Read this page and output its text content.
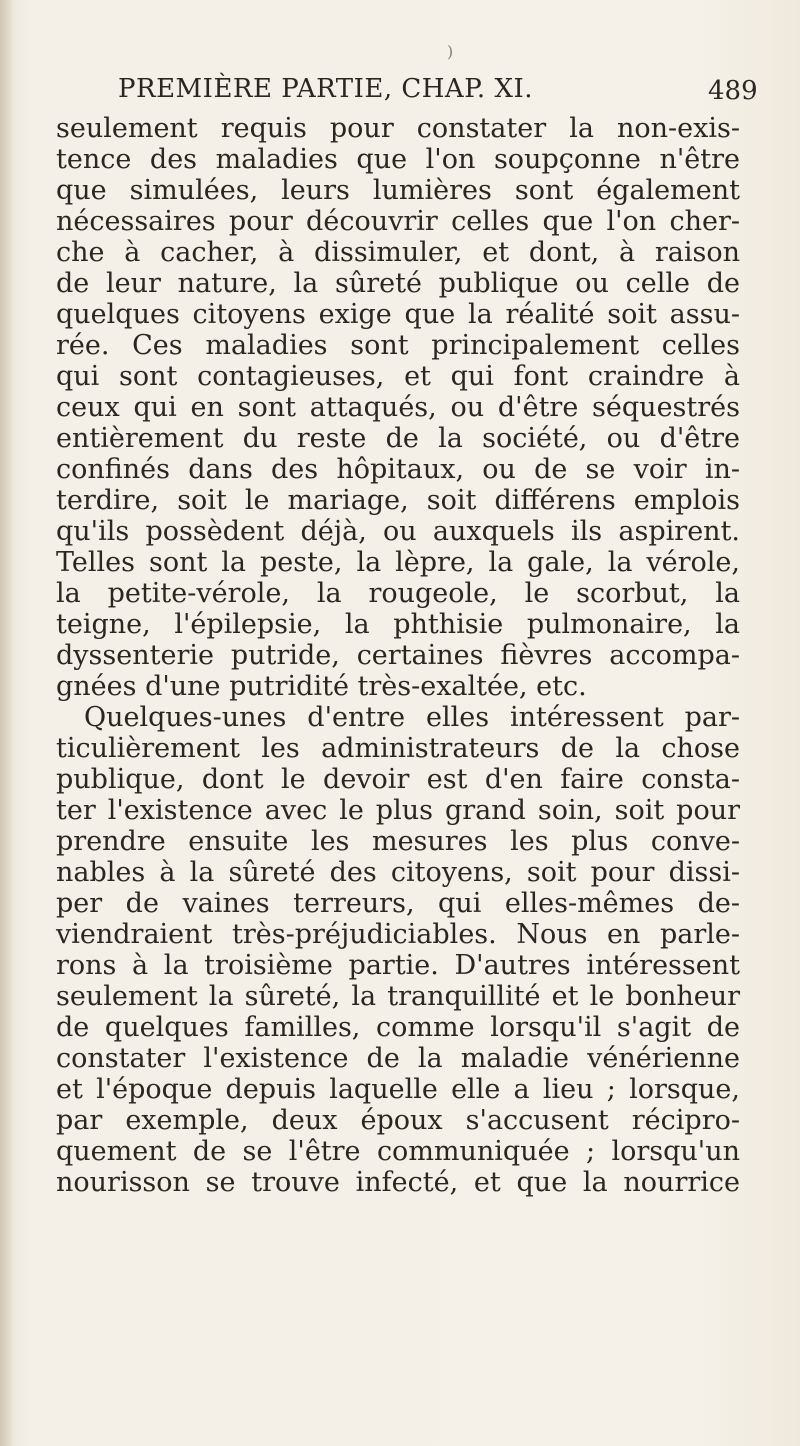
)
PREMIÈRE PARTIE, CHAP. XI.	489
seulement requis pour constater la non-exis-
tence des maladies que l'on soupçonne n'être
que simulées, leurs lumières sont également
nécessaires pour découvrir celles que l'on cher-
che à cacher, à dissimuler, et dont, à raison
de leur nature, la sûreté publique ou celle de
quelques citoyens exige que la réalité soit assu-
rée. Ces maladies sont principalement celles
qui sont contagieuses, et qui font craindre à
ceux qui en sont attaqués, ou d'être séquestrés
entièrement du reste de la société, ou d'être
confinés dans des hôpitaux, ou de se voir in-
terdire, soit le mariage, soit différens emplois
qu'ils possèdent déjà, ou auxquels ils aspirent.
Telles sont la peste, la lèpre, la gale, la vérole,
la petite-vérole, la rougeole, le scorbut, la
teigne, l'épilepsie, la phthisie pulmonaire, la
dyssenterie putride, certaines fièvres accompa-
gnées d'une putridité très-exaltée, etc.
Quelques-unes d'entre elles intéressent par-
ticulièrement les administrateurs de la chose
publique, dont le devoir est d'en faire consta-
ter l'existence avec le plus grand soin, soit pour
prendre ensuite les mesures les plus conve-
nables à la sûreté des citoyens, soit pour dissi-
per de vaines terreurs, qui elles-mêmes de-
viendraient très-préjudiciables. Nous en parle-
rons à la troisième partie. D'autres intéressent
seulement la sûreté, la tranquillité et le bonheur
de quelques familles, comme lorsqu'il s'agit de
constater l'existence de la maladie vénérienne
et l'époque depuis laquelle elle a lieu ; lorsque,
par exemple, deux époux s'accusent récipro-
quement de se l'être communiquée ; lorsqu'un
nourisson se trouve infecté, et que la nourrice
